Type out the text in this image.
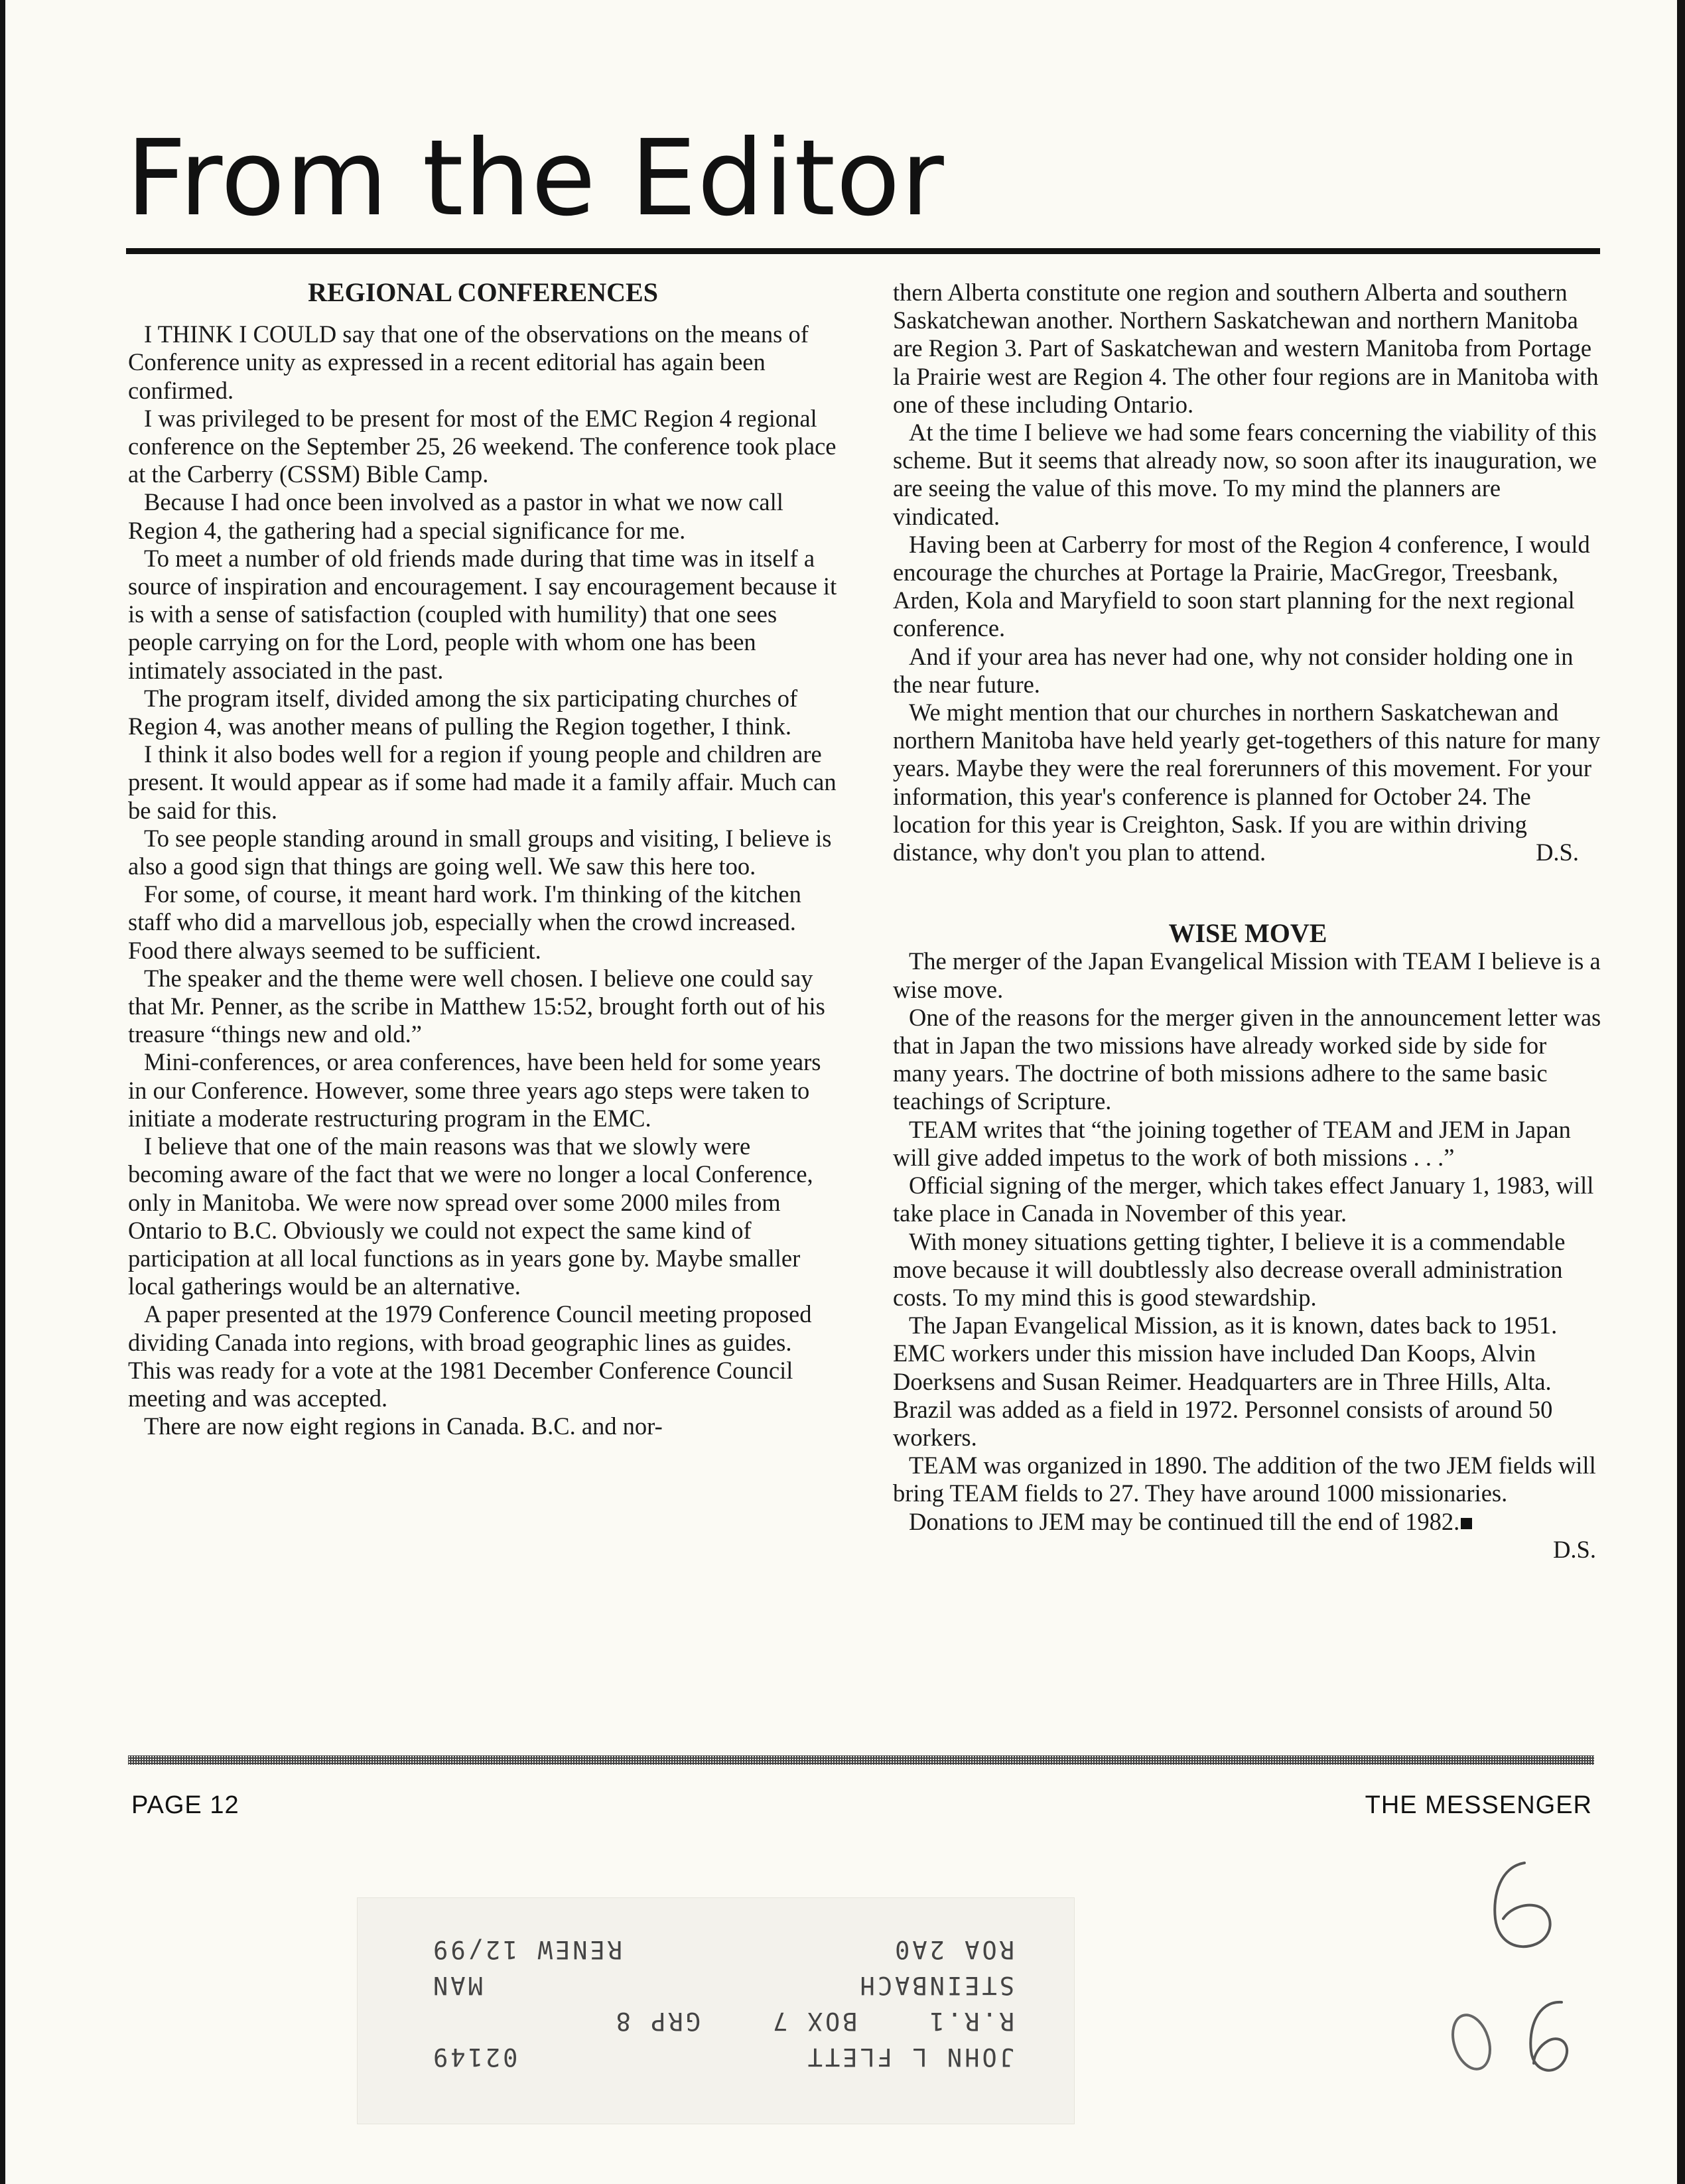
From the Editor
REGIONAL CONFERENCES

I THINK I COULD say that one of the observations on the means of Conference unity as expressed in a recent editorial has again been confirmed.

I was privileged to be present for most of the EMC Region 4 regional conference on the September 25, 26 weekend. The conference took place at the Carberry (CSSM) Bible Camp.

Because I had once been involved as a pastor in what we now call Region 4, the gathering had a special significance for me.

To meet a number of old friends made during that time was in itself a source of inspiration and encouragement. I say encouragement because it is with a sense of satisfaction (coupled with humility) that one sees people carrying on for the Lord, people with whom one has been intimately associated in the past.

The program itself, divided among the six participating churches of Region 4, was another means of pulling the Region together, I think.

I think it also bodes well for a region if young people and children are present. It would appear as if some had made it a family affair. Much can be said for this.

To see people standing around in small groups and visiting, I believe is also a good sign that things are going well. We saw this here too.

For some, of course, it meant hard work. I'm thinking of the kitchen staff who did a marvellous job, especially when the crowd increased. Food there always seemed to be sufficient.

The speaker and the theme were well chosen. I believe one could say that Mr. Penner, as the scribe in Matthew 15:52, brought forth out of his treasure “things new and old.”

Mini-conferences, or area conferences, have been held for some years in our Conference. However, some three years ago steps were taken to initiate a moderate restructuring program in the EMC.

I believe that one of the main reasons was that we slowly were becoming aware of the fact that we were no longer a local Conference, only in Manitoba. We were now spread over some 2000 miles from Ontario to B.C. Obviously we could not expect the same kind of participation at all local functions as in years gone by. Maybe smaller local gatherings would be an alternative.

A paper presented at the 1979 Conference Council meeting proposed dividing Canada into regions, with broad geographic lines as guides. This was ready for a vote at the 1981 December Conference Council meeting and was accepted.

There are now eight regions in Canada. B.C. and nor-

thern Alberta constitute one region and southern Alberta and southern Saskatchewan another. Northern Saskatchewan and northern Manitoba are Region 3. Part of Saskatchewan and western Manitoba from Portage la Prairie west are Region 4. The other four regions are in Manitoba with one of these including Ontario.

At the time I believe we had some fears concerning the viability of this scheme. But it seems that already now, so soon after its inauguration, we are seeing the value of this move. To my mind the planners are vindicated.

Having been at Carberry for most of the Region 4 conference, I would encourage the churches at Portage la Prairie, MacGregor, Treesbank, Arden, Kola and Maryfield to soon start planning for the next regional conference.

And if your area has never had one, why not consider holding one in the near future.

We might mention that our churches in northern Saskatchewan and northern Manitoba have held yearly get-togethers of this nature for many years. Maybe they were the real forerunners of this movement. For your information, this year's conference is planned for October 24. The location for this year is Creighton, Sask. If you are within driving distance, why don't you plan to attend.	D.S.

WISE MOVE

The merger of the Japan Evangelical Mission with TEAM I believe is a wise move.

One of the reasons for the merger given in the announcement letter was that in Japan the two missions have already worked side by side for many years. The doctrine of both missions adhere to the same basic teachings of Scripture.

TEAM writes that “the joining together of TEAM and JEM in Japan will give added impetus to the work of both missions . . .”

Official signing of the merger, which takes effect January 1, 1983, will take place in Canada in November of this year.

With money situations getting tighter, I believe it is a commendable move because it will doubtlessly also decrease overall administration costs. To my mind this is good stewardship.

The Japan Evangelical Mission, as it is known, dates back to 1951. EMC workers under this mission have included Dan Koops, Alvin Doerksens and Susan Reimer. Headquarters are in Three Hills, Alta. Brazil was added as a field in 1972. Personnel consists of around 50 workers.

TEAM was organized in 1890. The addition of the two JEM fields will bring TEAM fields to 27. They have around 1000 missionaries.

Donations to JEM may be continued till the end of 1982.

D.S.
PAGE 12	THE MESSENGER
JOHN L FLETT
02149
R.R.1    BOX 7    GRP 8
STEINBACH
MAN
ROA 2A0
RENEW 12/99
